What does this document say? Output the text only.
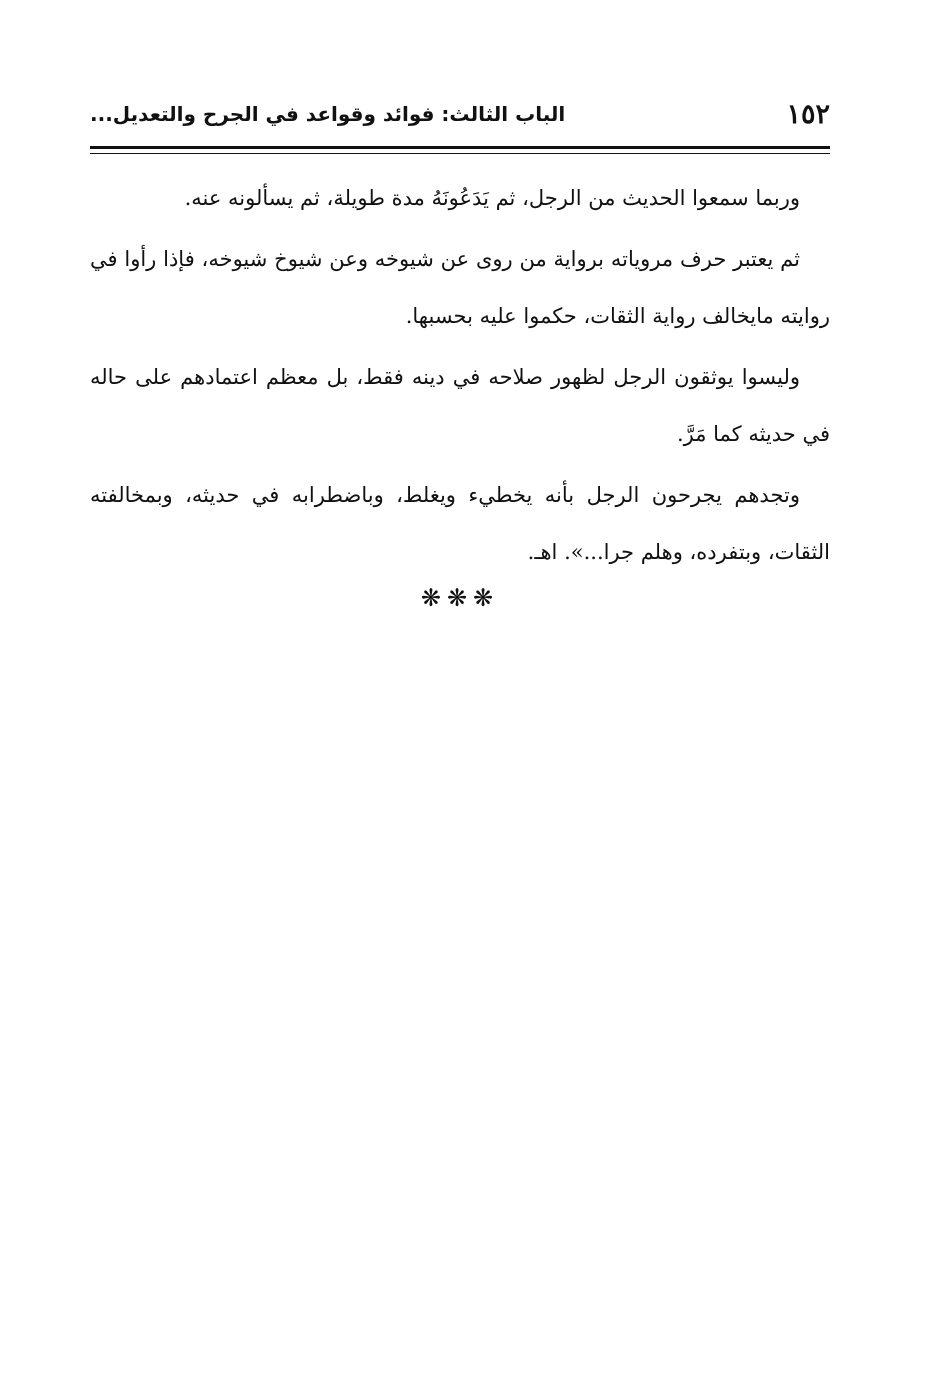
١٥٢
الباب الثالث: فوائد وقواعد في الجرح والتعديل...

وربما سمعوا الحديث من الرجل، ثم يَدَعُونَهُ مدة طويلة، ثم يسألونه عنه.

ثم يعتبر حرف مروياته برواية من روى عن شيوخه وعن شيوخ شيوخه، فإذا رأوا في روايته مايخالف رواية الثقات، حكموا عليه بحسبها.

وليسوا يوثقون الرجل لظهور صلاحه في دينه فقط، بل معظم اعتمادهم على حاله في حديثه كما مَرَّ.

وتجدهم يجرحون الرجل بأنه يخطيء ويغلط، وباضطرابه في حديثه، وبمخالفته الثقات، وبتفرده، وهلم جرا...». اهـ.

❋❋❋
